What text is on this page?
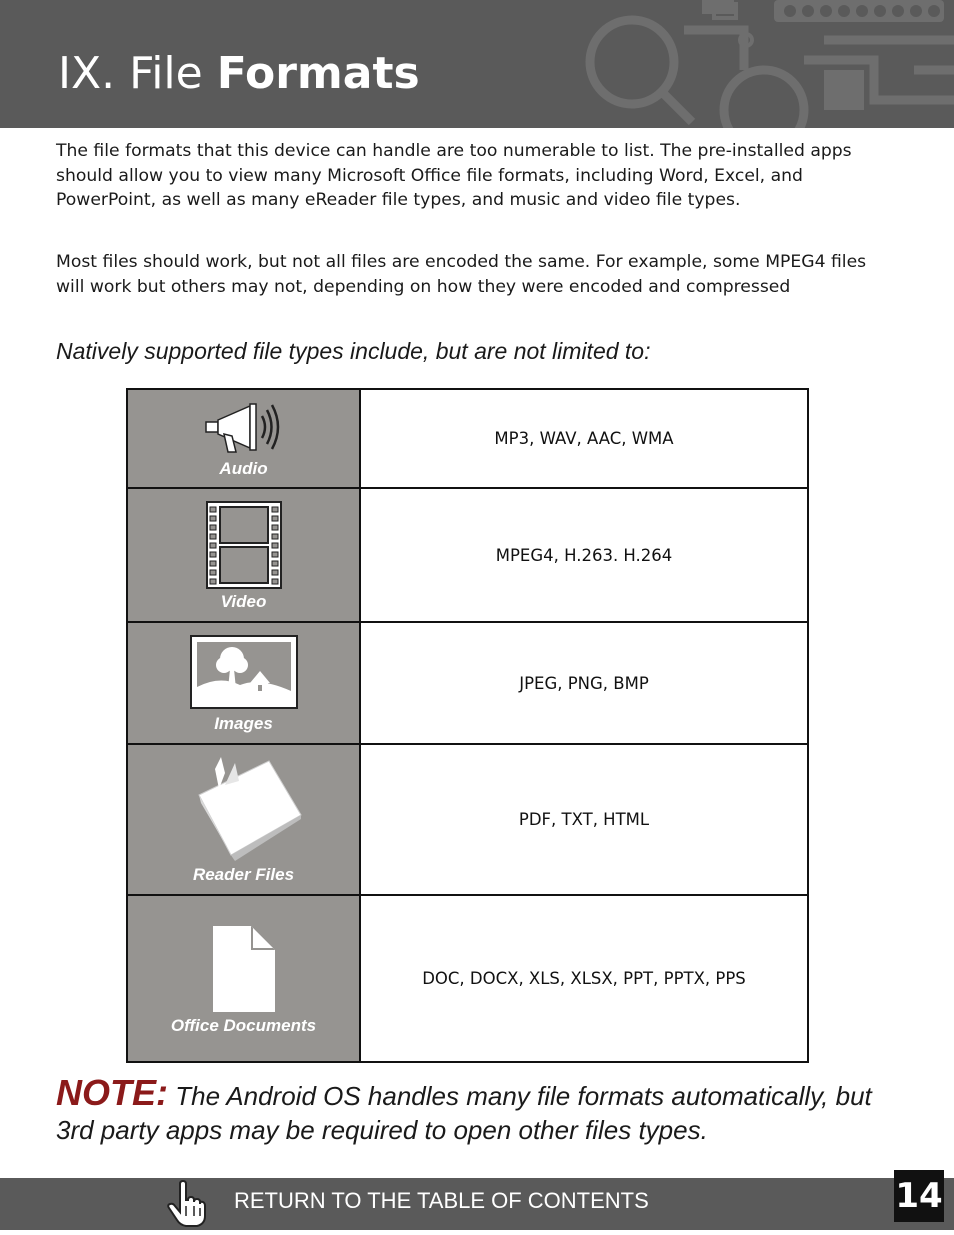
IX. File Formats

The file formats that this device can handle are too numerable to list. The pre-installed apps should allow you to view many Microsoft Office file formats, including Word, Excel, and PowerPoint, as well as many eReader file types, and music and video file types.

Most files should work, but not all files are encoded the same. For example, some MPEG4 files will work but others may not, depending on how they were encoded and compressed

Natively supported file types include, but are not limited to:
Audio
MP3, WAV, AAC, WMA
Video
MPEG4, H.263. H.264
Images
JPEG, PNG, BMP
Reader Files
PDF, TXT, HTML
Office Documents
DOC, DOCX, XLS, XLSX, PPT, PPTX, PPS
NOTE: The Android OS handles many file formats automatically, but 3rd party apps may be required to open other files types.
RETURN TO THE TABLE OF CONTENTS	14
